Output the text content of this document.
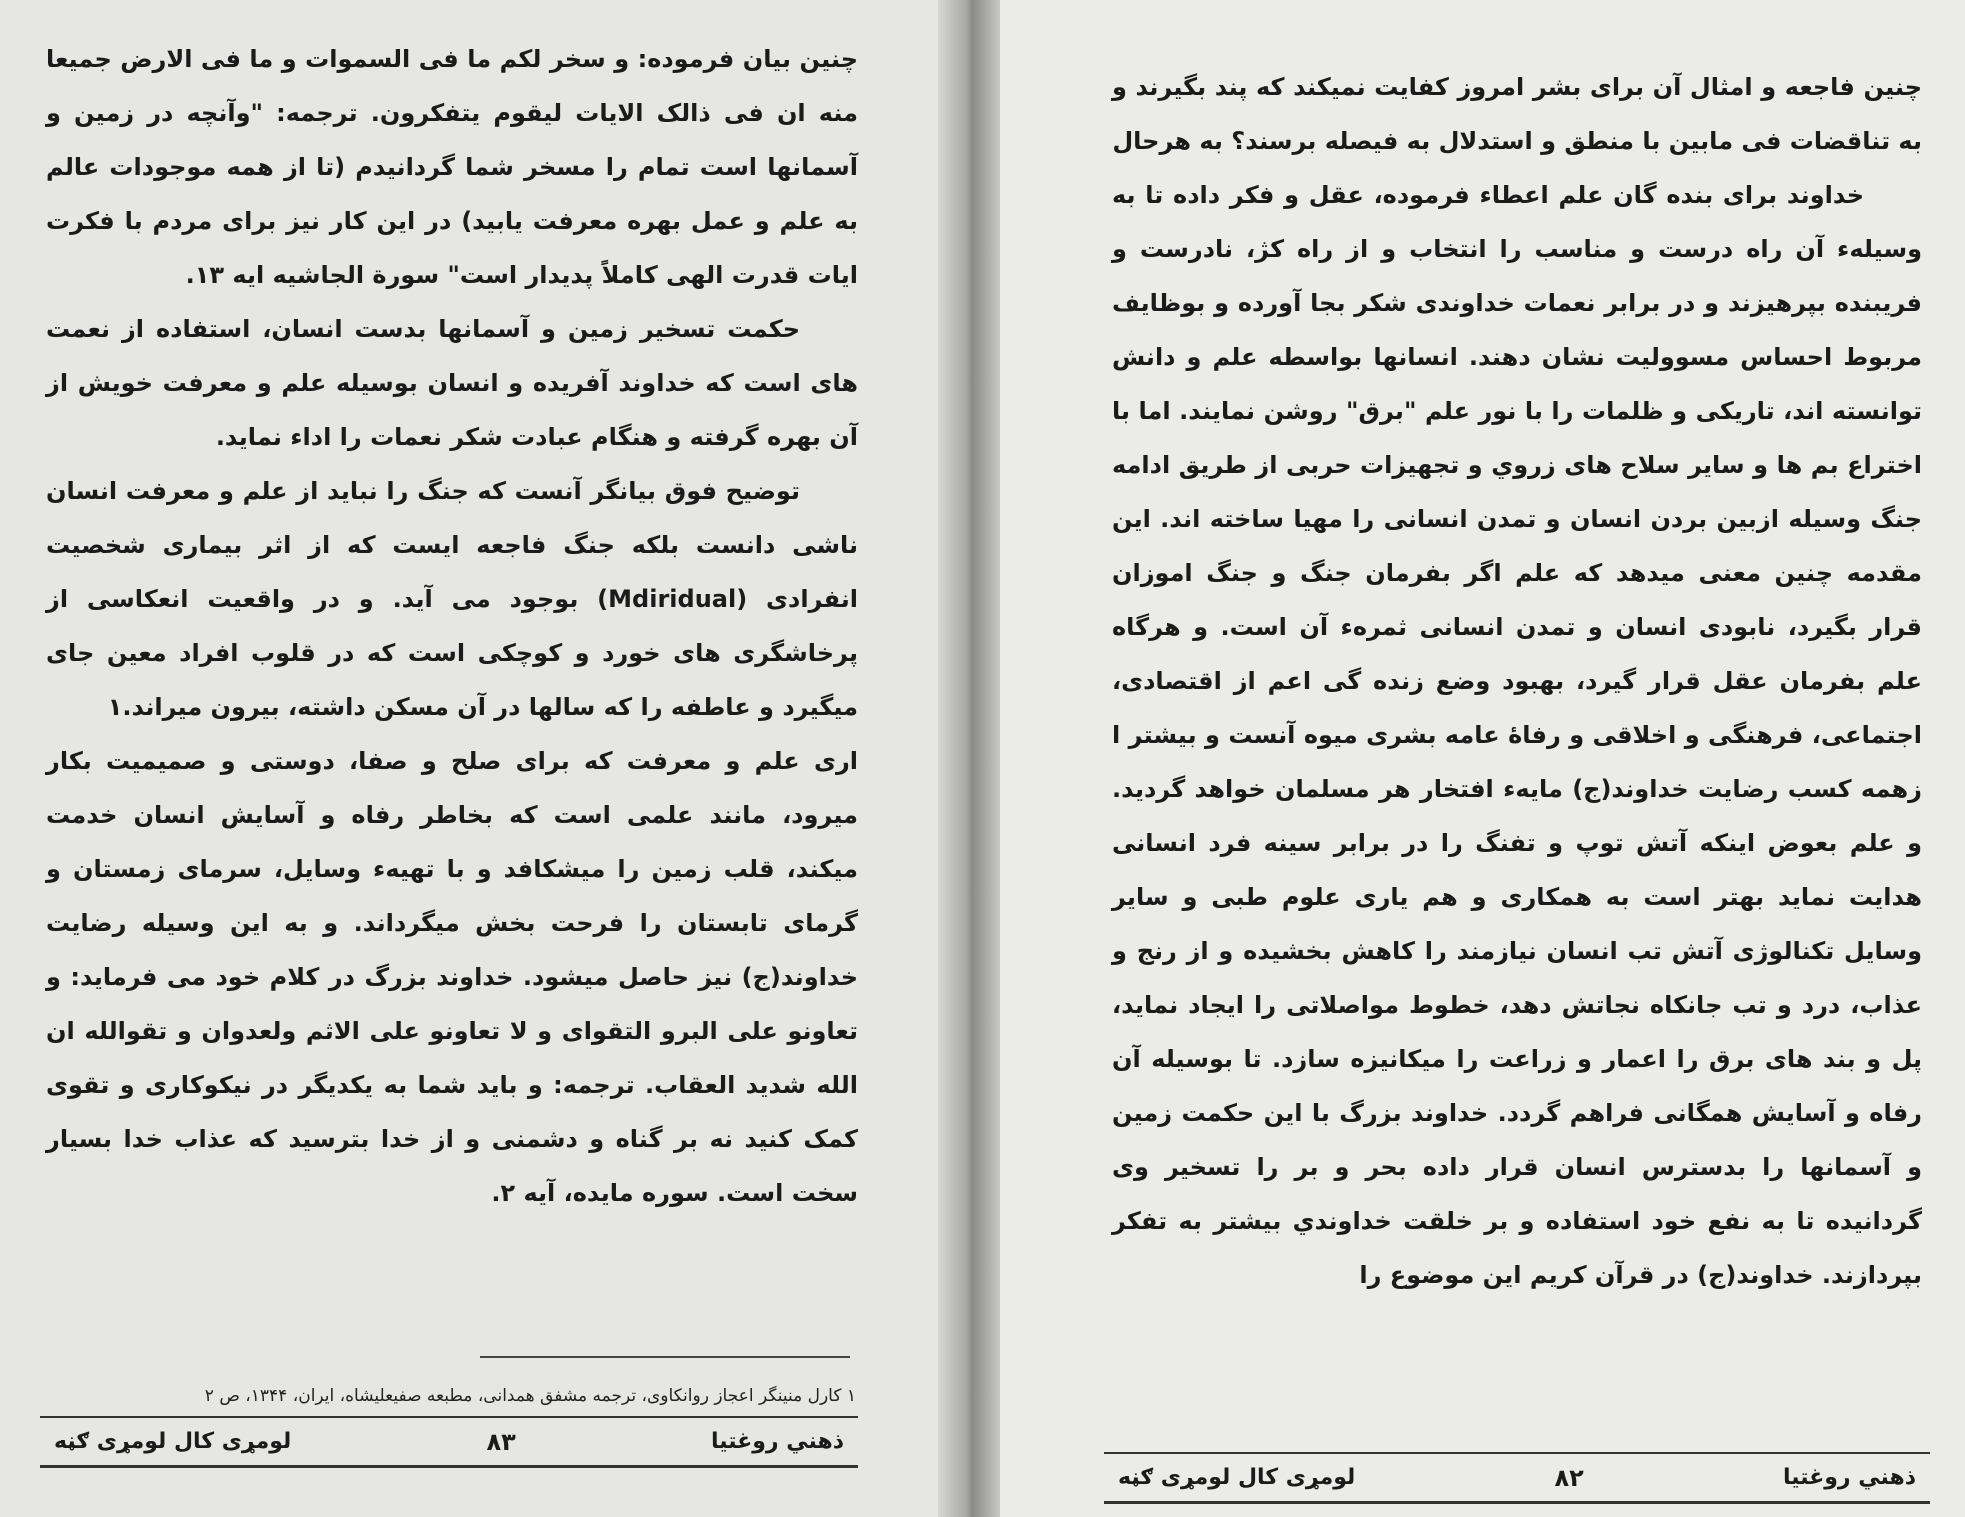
چنین بیان فرموده: و سخر لکم ما فی السموات و ما فی الارض جمیعا منه ان فی ذالک الایات لیقوم یتفکرون. ترجمه: "وآنچه در زمین و آسمانها است تمام را مسخر شما گردانیدم (تا از همه موجودات عالم به علم و عمل بهره معرفت یابید) در این کار نیز برای مردم با فکرت ایات قدرت الهی کاملاً پدیدار است" سورة الجاشیه ایه ۱۳.

حکمت تسخیر زمین و آسمانها بدست انسان، استفاده از نعمت های است که خداوند آفریده و انسان بوسیله علم و معرفت خویش از آن بهره گرفته و هنگام عبادت شکر نعمات را اداء نماید.

توضیح فوق بیانگر آنست که جنگ را نباید از علم و معرفت انسان ناشی دانست بلکه جنگ فاجعه ایست که از اثر بیماری شخصیت انفرادی (Mdiridual) بوجود می آید. و در واقعیت انعکاسی از پرخاشگری های خورد و کوچکی است که در قلوب افراد معین جای میگیرد و عاطفه را که سالها در آن مسکن داشته، بیرون میراند.۱

اری علم و معرفت که برای صلح و صفا، دوستی و صمیمیت بکار میرود، مانند علمی است که بخاطر رفاه و آسایش انسان خدمت میکند، قلب زمین را میشکافد و با تهیهء وسایل، سرمای زمستان و گرمای تابستان را فرحت بخش میگرداند. و به این وسیله رضایت خداوند(ج) نیز حاصل میشود. خداوند بزرگ در کلام خود می فرماید: و تعاونو علی البرو التقوای و لا تعاونو علی الاثم ولعدوان و تقوالله ان الله شدید العقاب. ترجمه: و باید شما به یکدیگر در نیکوکاری و تقوی کمک کنید نه بر گناه و دشمنی و از خدا بترسید که عذاب خدا بسیار سخت است. سوره مایده، آیه ۲.

۱ کارل منینگر اعجاز روانکاوی، ترجمه مشفق همدانی، مطبعه صفیعلیشاه، ایران، ۱۳۴۴، ص ۲
ذهني روغتيا
۸۳
لومړی کال لومړی ګڼه

چنین فاجعه و امثال آن برای بشر امروز کفایت نمیکند که پند بگیرند و به تناقضات فی مابین با منطق و استدلال به فیصله برسند؟ به هرحال

خداوند برای بنده گان علم اعطاء فرموده، عقل و فکر داده تا به وسیلهء آن راه درست و مناسب را انتخاب و از راه کژ، نادرست و فریبنده بپرهیزند و در برابر نعمات خداوندی شکر بجا آورده و بوظایف مربوط احساس مسوولیت نشان دهند. انسانها بواسطه علم و دانش توانسته اند، تاریکی و ظلمات را با نور علم "برق" روشن نمایند. اما با اختراع بم ها و سایر سلاح های زروي و تجهیزات حربی از طریق ادامه جنگ وسیله ازبین بردن انسان و تمدن انسانی را مهیا ساخته اند. این مقدمه چنین معنی میدهد که علم اگر بفرمان جنگ و جنگ اموزان قرار بگیرد، نابودی انسان و تمدن انسانی ثمرهء آن است. و هرگاه علم بفرمان عقل قرار گیرد، بهبود وضع زنده گی اعم از اقتصادی، اجتماعی، فرهنگی و اخلاقی و رفاهٔ عامه بشری میوه آنست و بیشتر ا زهمه کسب رضایت خداوند(ج) مایهء افتخار هر مسلمان خواهد گردید. و علم بعوض اینکه آتش توپ و تفنگ را در برابر سینه فرد انسانی هدایت نماید بهتر است به همکاری و هم یاری علوم طبی و سایر وسایل تکنالوژی آتش تب انسان نیازمند را کاهش بخشیده و از رنج و عذاب، درد و تب جانکاه نجاتش دهد، خطوط مواصلاتی را ایجاد نماید، پل و بند های برق را اعمار و زراعت را میکانیزه سازد. تا بوسیله آن رفاه و آسایش همگانی فراهم گردد. خداوند بزرگ با این حکمت زمین و آسمانها را بدسترس انسان قرار داده بحر و بر را تسخیر وی گردانیده تا به نفع خود استفاده و بر خلقت خداوندي بیشتر به تفکر بپردازند. خداوند(ج) در قرآن کریم این موضوع را

ذهني روغتيا
۸۲
لومړی کال لومړی ګڼه
